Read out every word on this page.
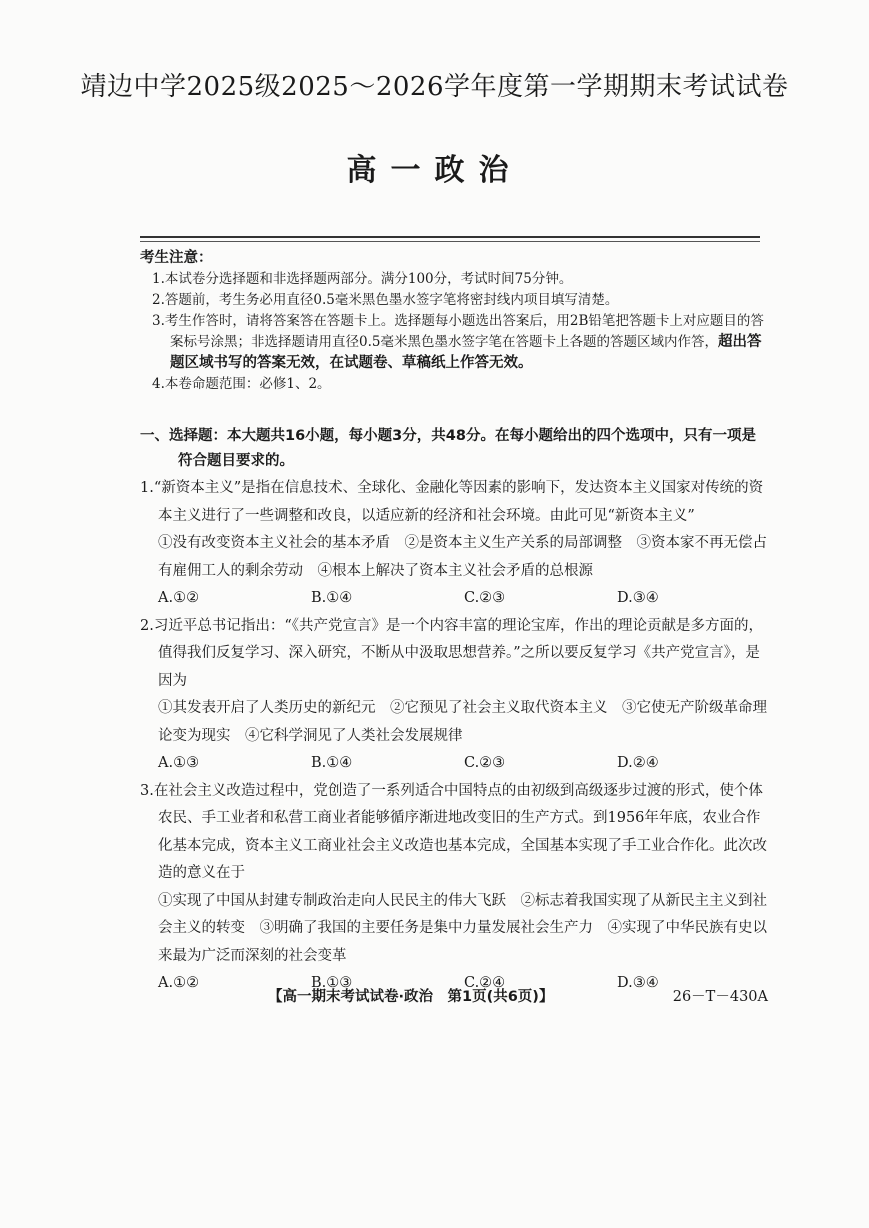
靖边中学2025级2025～2026学年度第一学期期末考试试卷
高一政治
考生注意：
1.本试卷分选择题和非选择题两部分。满分100分，考试时间75分钟。
2.答题前，考生务必用直径0.5毫米黑色墨水签字笔将密封线内项目填写清楚。
3.考生作答时，请将答案答在答题卡上。选择题每小题选出答案后，用2B铅笔把答题卡上对应题目的答案标号涂黑；非选择题请用直径0.5毫米黑色墨水签字笔在答题卡上各题的答题区域内作答，超出答题区域书写的答案无效，在试题卷、草稿纸上作答无效。
4.本卷命题范围：必修1、2。
一、选择题：本大题共16小题，每小题3分，共48分。在每小题给出的四个选项中，只有一项是
符合题目要求的。
1.“新资本主义”是指在信息技术、全球化、金融化等因素的影响下，发达资本主义国家对传统的资本主义进行了一些调整和改良，以适应新的经济和社会环境。由此可见“新资本主义”
①没有改变资本主义社会的基本矛盾　②是资本主义生产关系的局部调整　③资本家不再无偿占有雇佣工人的剩余劳动　④根本上解决了资本主义社会矛盾的总根源
A.①②	B.①④	C.②③	D.③④
2.习近平总书记指出：“《共产党宣言》是一个内容丰富的理论宝库，作出的理论贡献是多方面的，值得我们反复学习、深入研究，不断从中汲取思想营养。”之所以要反复学习《共产党宣言》，是因为
①其发表开启了人类历史的新纪元　②它预见了社会主义取代资本主义　③它使无产阶级革命理论变为现实　④它科学洞见了人类社会发展规律
A.①③	B.①④	C.②③	D.②④
3.在社会主义改造过程中，党创造了一系列适合中国特点的由初级到高级逐步过渡的形式，使个体农民、手工业者和私营工商业者能够循序渐进地改变旧的生产方式。到1956年年底，农业合作化基本完成，资本主义工商业社会主义改造也基本完成，全国基本实现了手工业合作化。此次改造的意义在于
①实现了中国从封建专制政治走向人民民主的伟大飞跃　②标志着我国实现了从新民主主义到社会主义的转变　③明确了我国的主要任务是集中力量发展社会生产力　④实现了中华民族有史以来最为广泛而深刻的社会变革
A.①②	B.①③	C.②④	D.③④
【高一期末考试试卷·政治　第1页(共6页)】	26－T－430A
